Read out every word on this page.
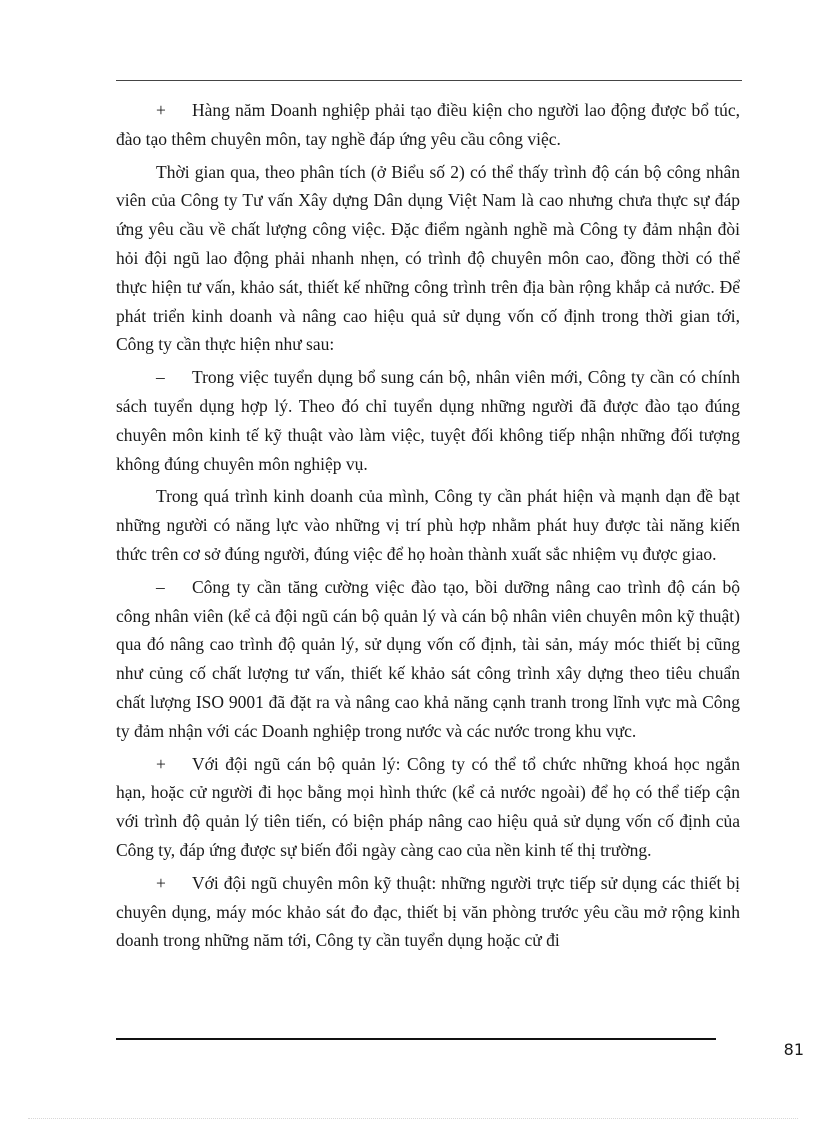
+ Hàng năm Doanh nghiệp phải tạo điều kiện cho người lao động được bổ túc, đào tạo thêm chuyên môn, tay nghề đáp ứng yêu cầu công việc.

Thời gian qua, theo phân tích (ở Biểu số 2) có thể thấy trình độ cán bộ công nhân viên của Công ty Tư vấn Xây dựng Dân dụng Việt Nam là cao nhưng chưa thực sự đáp ứng yêu cầu về chất lượng công việc. Đặc điểm ngành nghề mà Công ty đảm nhận đòi hỏi đội ngũ lao động phải nhanh nhẹn, có trình độ chuyên môn cao, đồng thời có thể thực hiện tư vấn, khảo sát, thiết kế những công trình trên địa bàn rộng khắp cả nước. Để phát triển kinh doanh và nâng cao hiệu quả sử dụng vốn cố định trong thời gian tới, Công ty cần thực hiện như sau:

– Trong việc tuyển dụng bổ sung cán bộ, nhân viên mới, Công ty cần có chính sách tuyển dụng hợp lý. Theo đó chỉ tuyển dụng những người đã được đào tạo đúng chuyên môn kinh tế kỹ thuật vào làm việc, tuyệt đối không tiếp nhận những đối tượng không đúng chuyên môn nghiệp vụ.

Trong quá trình kinh doanh của mình, Công ty cần phát hiện và mạnh dạn đề bạt những người có năng lực vào những vị trí phù hợp nhằm phát huy được tài năng kiến thức trên cơ sở đúng người, đúng việc để họ hoàn thành xuất sắc nhiệm vụ được giao.

– Công ty cần tăng cường việc đào tạo, bồi dưỡng nâng cao trình độ cán bộ công nhân viên (kể cả đội ngũ cán bộ quản lý và cán bộ nhân viên chuyên môn kỹ thuật) qua đó nâng cao trình độ quản lý, sử dụng vốn cố định, tài sản, máy móc thiết bị cũng như củng cố chất lượng tư vấn, thiết kế khảo sát công trình xây dựng theo tiêu chuẩn chất lượng ISO 9001 đã đặt ra và nâng cao khả năng cạnh tranh trong lĩnh vực mà Công ty đảm nhận với các Doanh nghiệp trong nước và các nước trong khu vực.

+ Với đội ngũ cán bộ quản lý: Công ty có thể tổ chức những khoá học ngắn hạn, hoặc cử người đi học bằng mọi hình thức (kể cả nước ngoài) để họ có thể tiếp cận với trình độ quản lý tiên tiến, có biện pháp nâng cao hiệu quả sử dụng vốn cố định của Công ty, đáp ứng được sự biến đổi ngày càng cao của nền kinh tế thị trường.

+ Với đội ngũ chuyên môn kỹ thuật: những người trực tiếp sử dụng các thiết bị chuyên dụng, máy móc khảo sát đo đạc, thiết bị văn phòng trước yêu cầu mở rộng kinh doanh trong những năm tới, Công ty cần tuyển dụng hoặc cử đi

81
